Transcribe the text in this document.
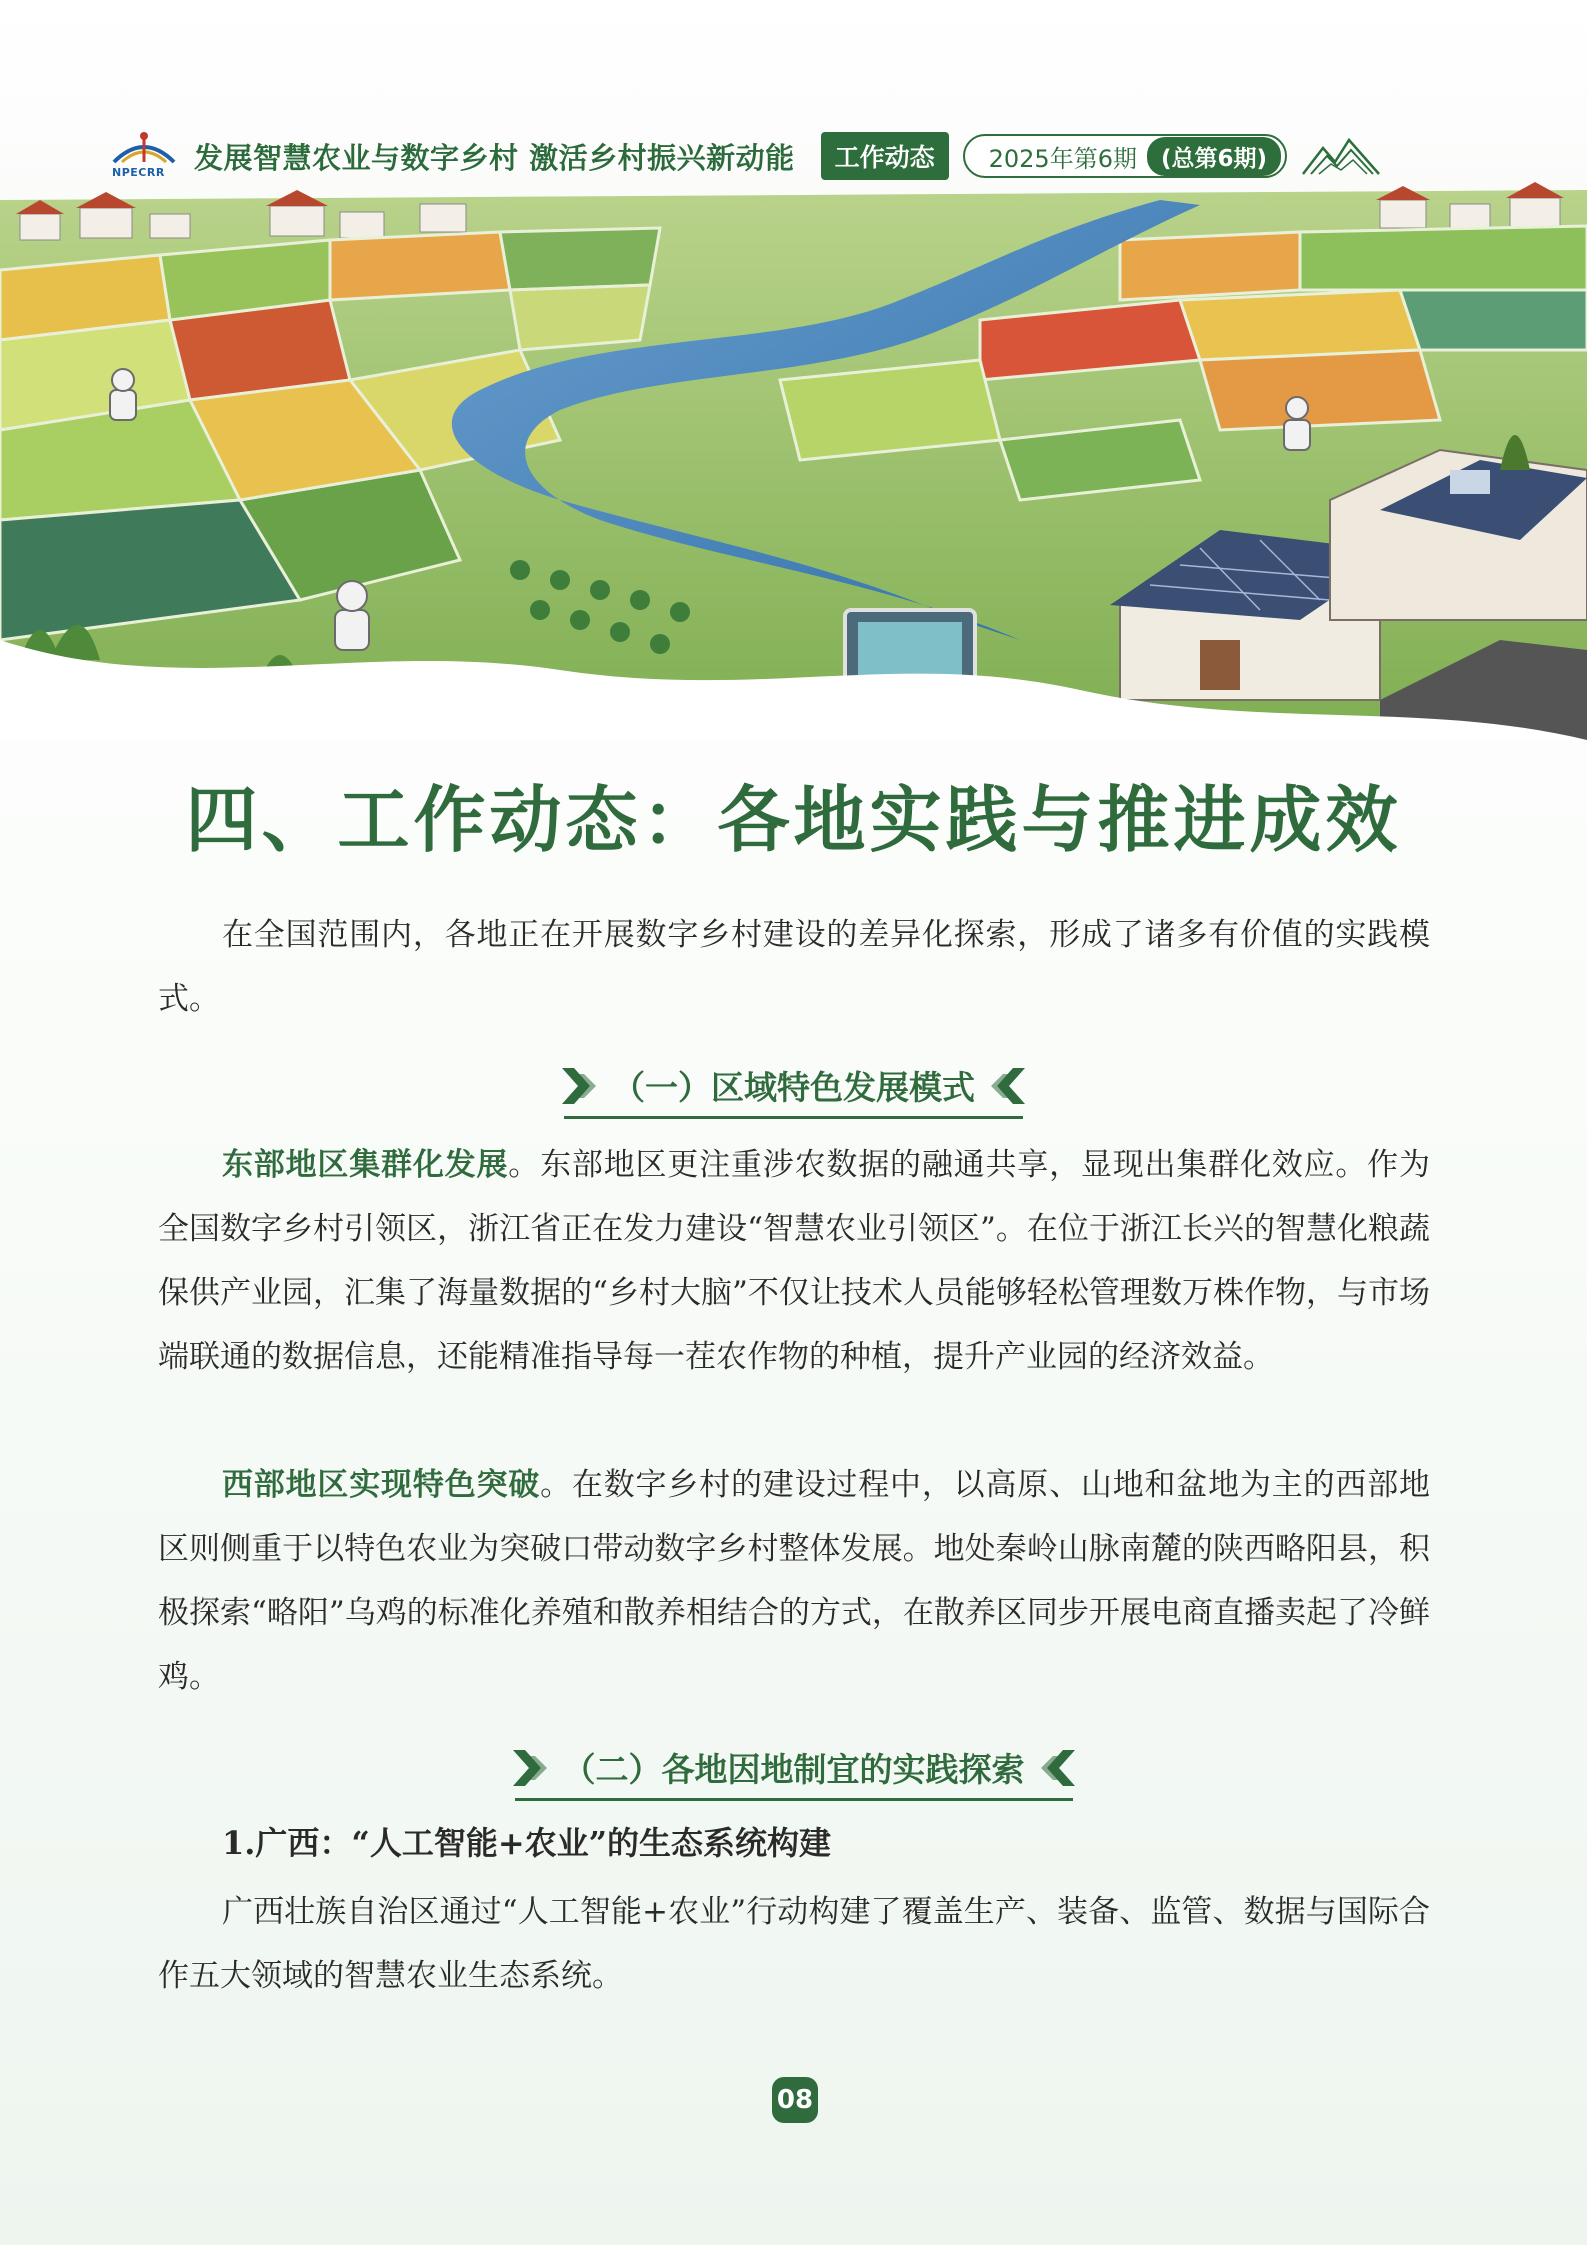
NPECRR 发展智慧农业与数字乡村 激活乡村振兴新动能	工作动态	2025年第6期	(总第6期)
四、工作动态：各地实践与推进成效

在全国范围内，各地正在开展数字乡村建设的差异化探索，形成了诸多有价值的实践模式。

（一）区域特色发展模式

东部地区集群化发展。东部地区更注重涉农数据的融通共享，显现出集群化效应。作为全国数字乡村引领区，浙江省正在发力建设“智慧农业引领区”。在位于浙江长兴的智慧化粮蔬保供产业园，汇集了海量数据的“乡村大脑”不仅让技术人员能够轻松管理数万株作物，与市场端联通的数据信息，还能精准指导每一茬农作物的种植，提升产业园的经济效益。

西部地区实现特色突破。在数字乡村的建设过程中，以高原、山地和盆地为主的西部地区则侧重于以特色农业为突破口带动数字乡村整体发展。地处秦岭山脉南麓的陕西略阳县，积极探索“略阳”乌鸡的标准化养殖和散养相结合的方式，在散养区同步开展电商直播卖起了冷鲜鸡。

（二）各地因地制宜的实践探索
1.广西：“人工智能+农业”的生态系统构建

广西壮族自治区通过“人工智能+农业”行动构建了覆盖生产、装备、监管、数据与国际合作五大领域的智慧农业生态系统。

08
